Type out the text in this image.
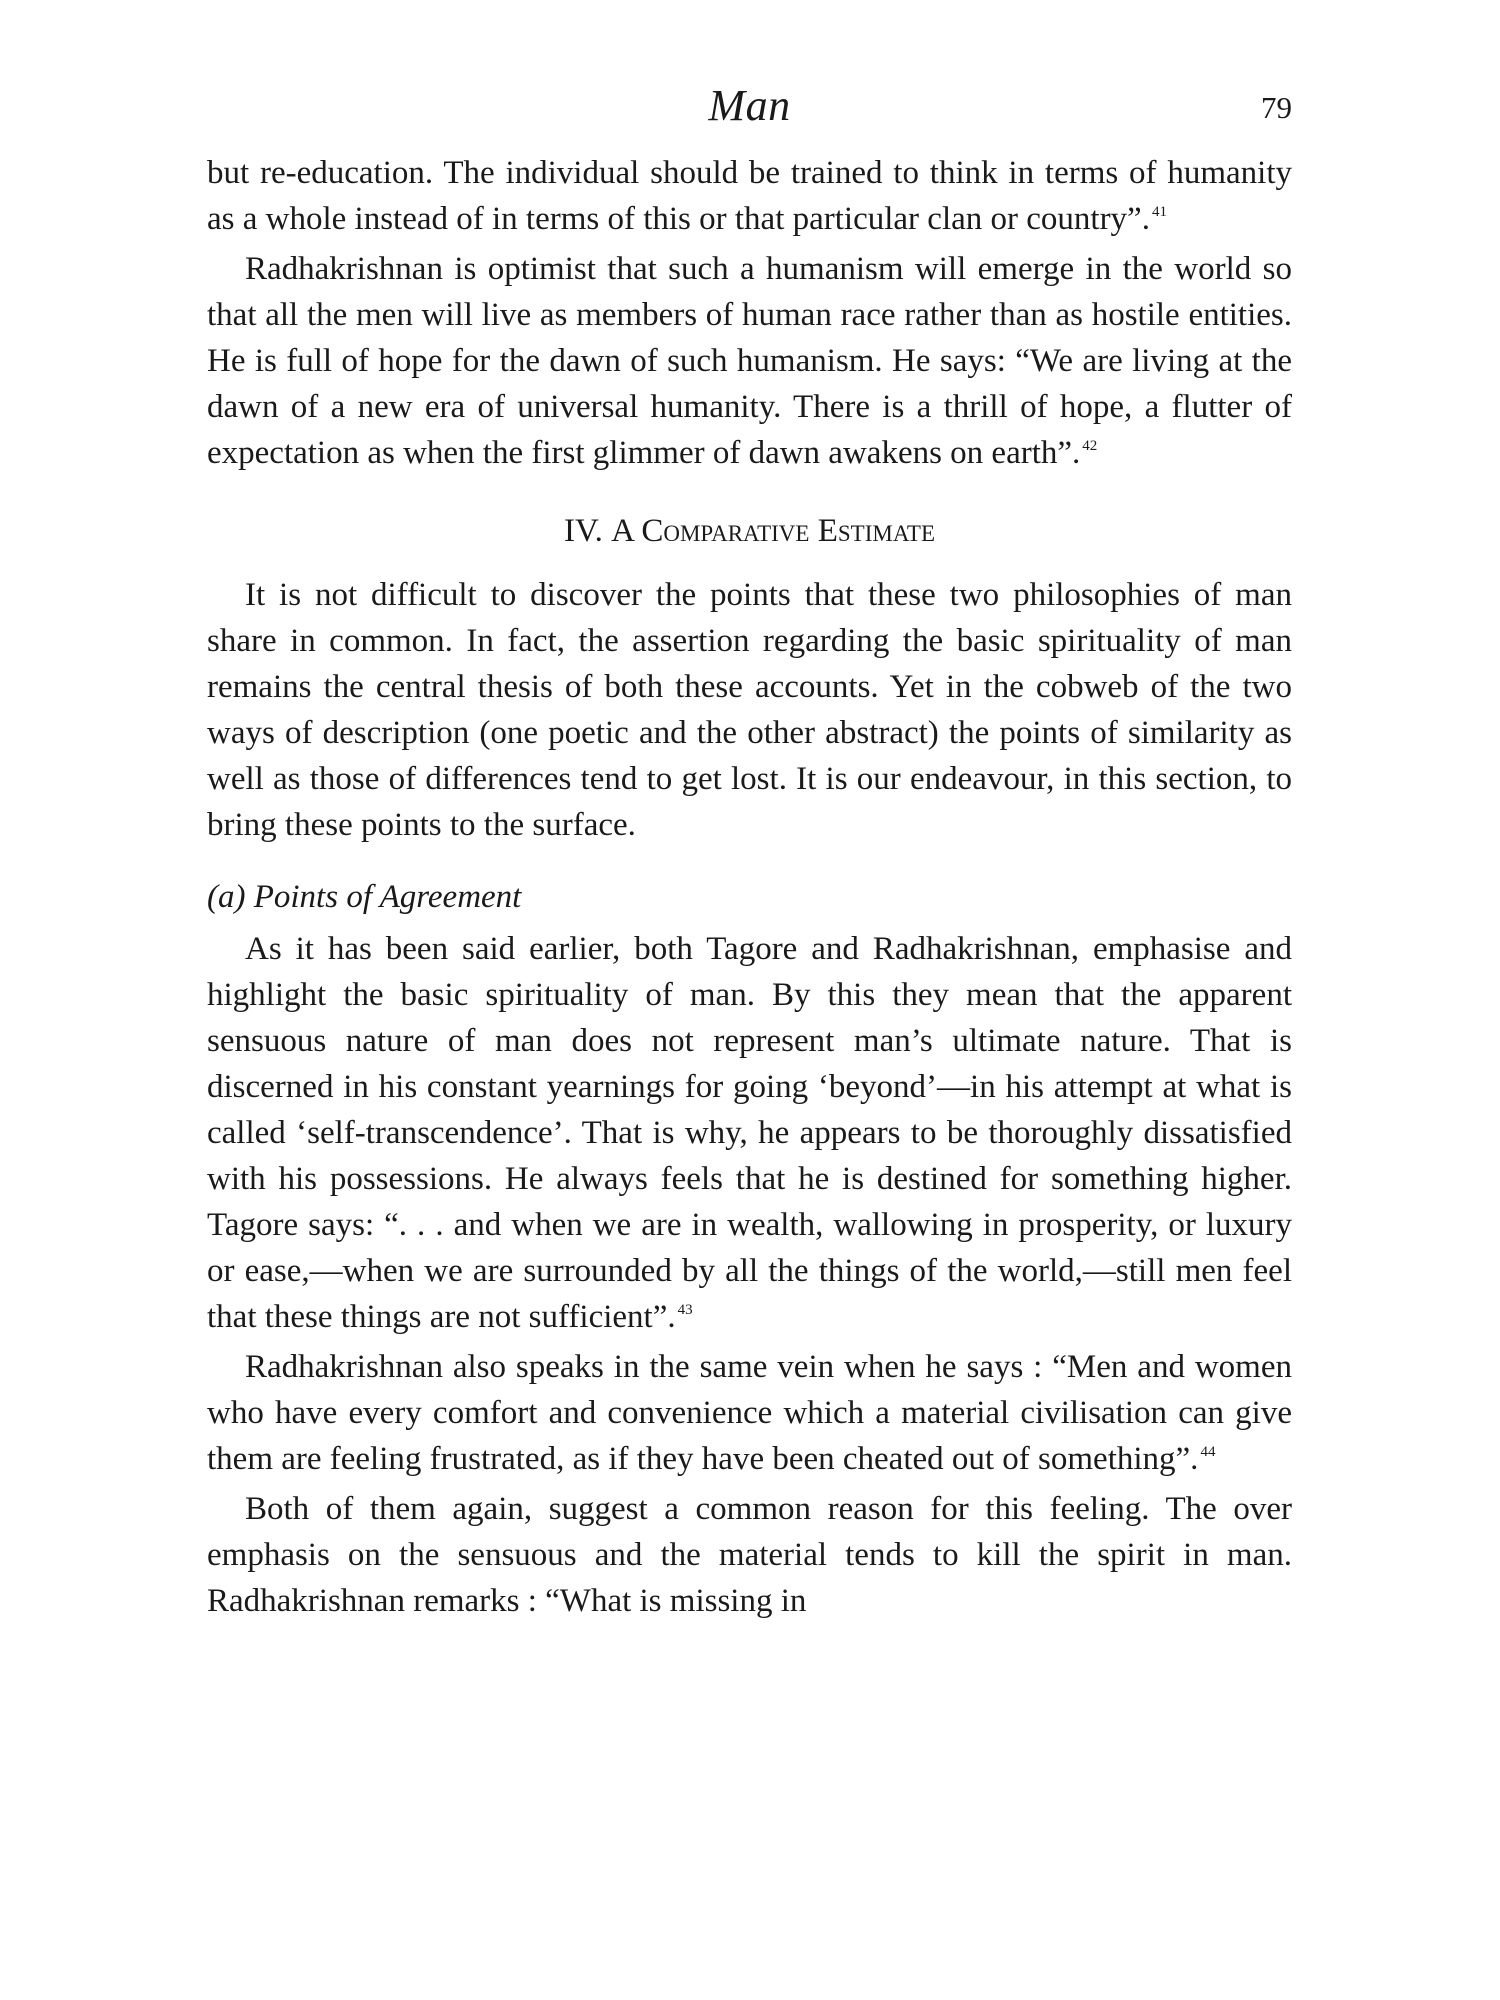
Man	79

but re-education. The individual should be trained to think in terms of humanity as a whole instead of in terms of this or that particular clan or country”. $^{41}$

Radhakrishnan is optimist that such a humanism will emerge in the world so that all the men will live as members of human race rather than as hostile entities. He is full of hope for the dawn of such humanism. He says: “We are living at the dawn of a new era of universal humanity. There is a thrill of hope, a flutter of expectation as when the first glimmer of dawn awakens on earth”. $^{42}$

IV. A Comparative Estimate

It is not difficult to discover the points that these two philosophies of man share in common. In fact, the assertion regarding the basic spirituality of man remains the central thesis of both these accounts. Yet in the cobweb of the two ways of description (one poetic and the other abstract) the points of similarity as well as those of differences tend to get lost. It is our endeavour, in this section, to bring these points to the surface.

(a) Points of Agreement

As it has been said earlier, both Tagore and Radhakrishnan, emphasise and highlight the basic spirituality of man. By this they mean that the apparent sensuous nature of man does not represent man’s ultimate nature. That is discerned in his constant yearnings for going ‘beyond’—in his attempt at what is called ‘self-transcendence’. That is why, he appears to be thoroughly dissatisfied with his possessions. He always feels that he is destined for something higher. Tagore says: “. . . and when we are in wealth, wallowing in prosperity, or luxury or ease,—when we are surrounded by all the things of the world,—still men feel that these things are not sufficient”. $^{43}$

Radhakrishnan also speaks in the same vein when he says : “Men and women who have every comfort and convenience which a material civilisation can give them are feeling frustrated, as if they have been cheated out of something”. $^{44}$

Both of them again, suggest a common reason for this feeling. The over emphasis on the sensuous and the material tends to kill the spirit in man. Radhakrishnan remarks : “What is missing in
